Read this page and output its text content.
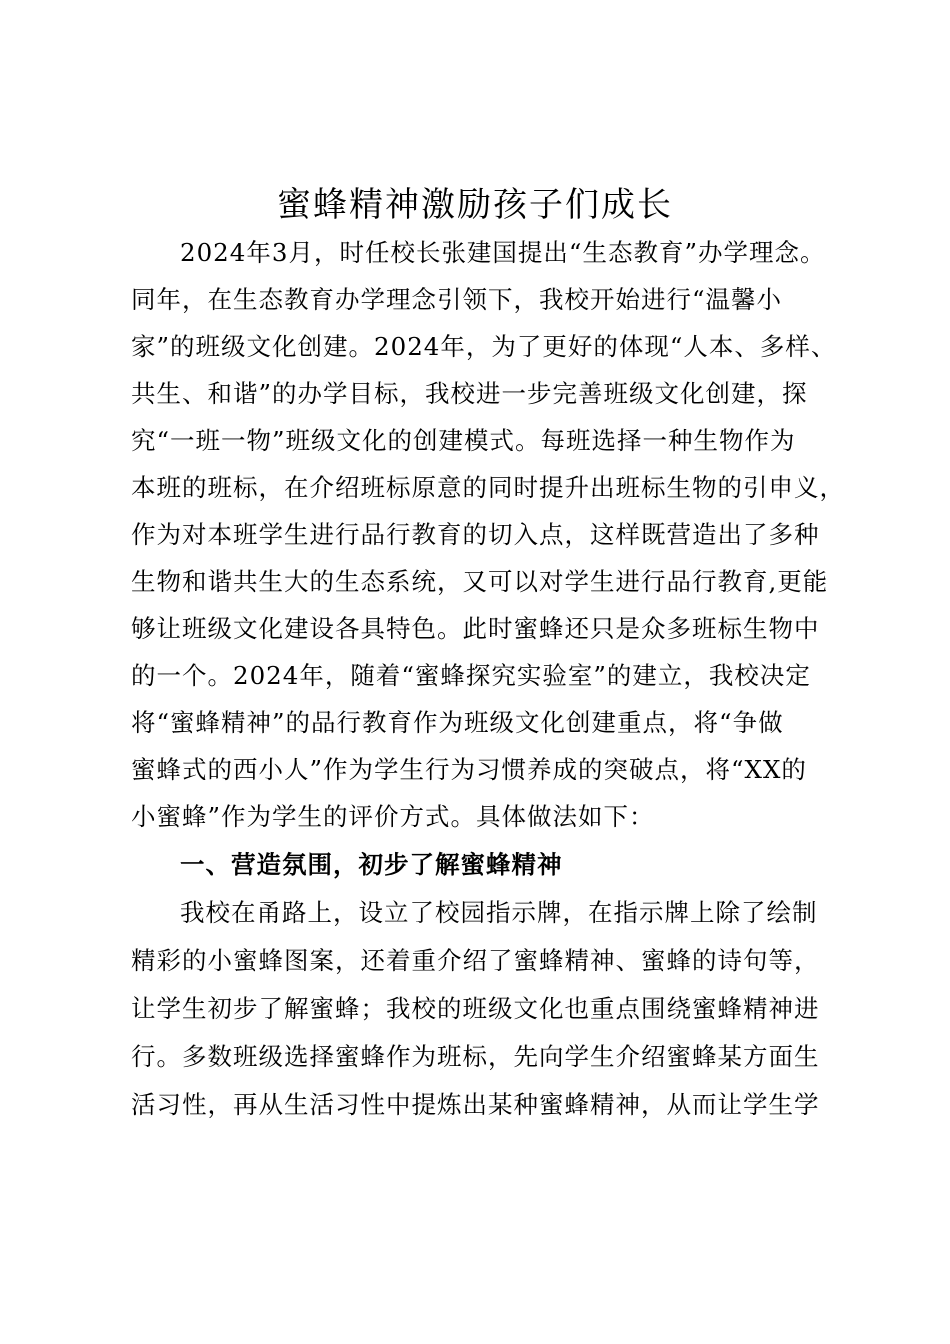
蜜蜂精神激励孩子们成长
2024年3月，时任校长张建国提出“生态教育”办学理念。
同年，在生态教育办学理念引领下，我校开始进行“温馨小
家”的班级文化创建。2024年，为了更好的体现“人本、多样、
共生、和谐”的办学目标，我校进一步完善班级文化创建，探
究“一班一物”班级文化的创建模式。每班选择一种生物作为
本班的班标，在介绍班标原意的同时提升出班标生物的引申义，
作为对本班学生进行品行教育的切入点，这样既营造出了多种
生物和谐共生大的生态系统，又可以对学生进行品行教育,更能
够让班级文化建设各具特色。此时蜜蜂还只是众多班标生物中
的一个。2024年，随着“蜜蜂探究实验室”的建立，我校决定
将“蜜蜂精神”的品行教育作为班级文化创建重点，将“争做
蜜蜂式的西小人”作为学生行为习惯养成的突破点，将“XX的
小蜜蜂”作为学生的评价方式。具体做法如下：
一、营造氛围，初步了解蜜蜂精神
我校在甬路上，设立了校园指示牌，在指示牌上除了绘制
精彩的小蜜蜂图案，还着重介绍了蜜蜂精神、蜜蜂的诗句等，
让学生初步了解蜜蜂；我校的班级文化也重点围绕蜜蜂精神进
行。多数班级选择蜜蜂作为班标，先向学生介绍蜜蜂某方面生
活习性，再从生活习性中提炼出某种蜜蜂精神，从而让学生学
